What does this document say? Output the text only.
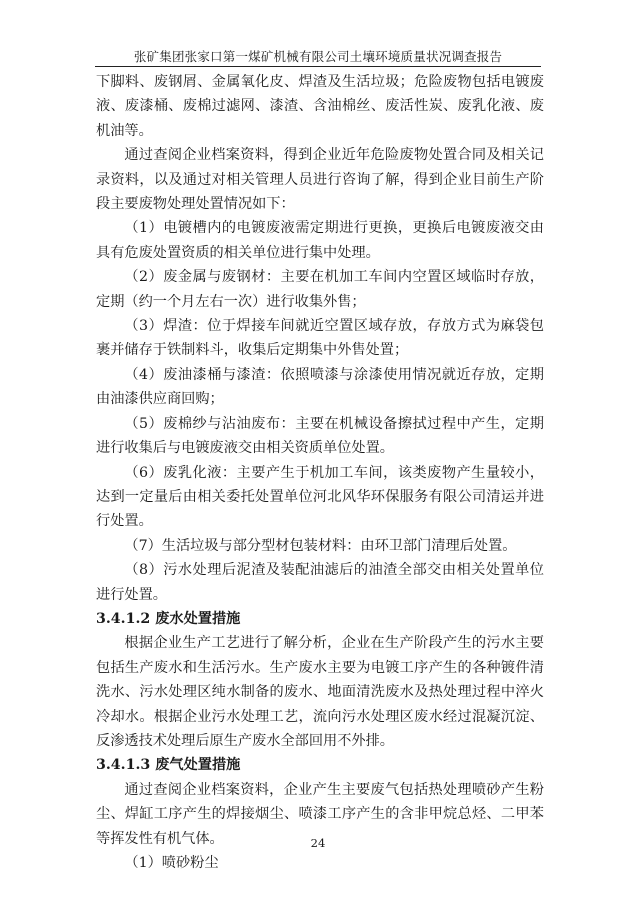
张矿集团张家口第一煤矿机械有限公司土壤环境质量状况调查报告

下脚料、废钢屑、金属氧化皮、焊渣及生活垃圾；危险废物包括电镀废液、废漆桶、废棉过滤网、漆渣、含油棉丝、废活性炭、废乳化液、废机油等。

通过查阅企业档案资料，得到企业近年危险废物处置合同及相关记录资料，以及通过对相关管理人员进行咨询了解，得到企业目前生产阶段主要废物处理处置情况如下：

（1）电镀槽内的电镀废液需定期进行更换，更换后电镀废液交由具有危废处置资质的相关单位进行集中处理。

（2）废金属与废钢材：主要在机加工车间内空置区域临时存放，定期（约一个月左右一次）进行收集外售；

（3）焊渣：位于焊接车间就近空置区域存放，存放方式为麻袋包裹并储存于铁制料斗，收集后定期集中外售处置；

（4）废油漆桶与漆渣：依照喷漆与涂漆使用情况就近存放，定期由油漆供应商回购；

（5）废棉纱与沾油废布：主要在机械设备擦拭过程中产生，定期进行收集后与电镀废液交由相关资质单位处置。

（6）废乳化液：主要产生于机加工车间，该类废物产生量较小，达到一定量后由相关委托处置单位河北风华环保服务有限公司清运并进行处置。

（7）生活垃圾与部分型材包装材料：由环卫部门清理后处置。

（8）污水处理后泥渣及装配油滤后的油渣全部交由相关处置单位进行处置。

3.4.1.2 废水处置措施

根据企业生产工艺进行了解分析，企业在生产阶段产生的污水主要包括生产废水和生活污水。生产废水主要为电镀工序产生的各种镀件清洗水、污水处理区纯水制备的废水、地面清洗废水及热处理过程中淬火冷却水。根据企业污水处理工艺，流向污水处理区废水经过混凝沉淀、反渗透技术处理后原生产废水全部回用不外排。

3.4.1.3 废气处置措施

通过查阅企业档案资料，企业产生主要废气包括热处理喷砂产生粉尘、焊缸工序产生的焊接烟尘、喷漆工序产生的含非甲烷总烃、二甲苯等挥发性有机气体。

（1）喷砂粉尘

24
